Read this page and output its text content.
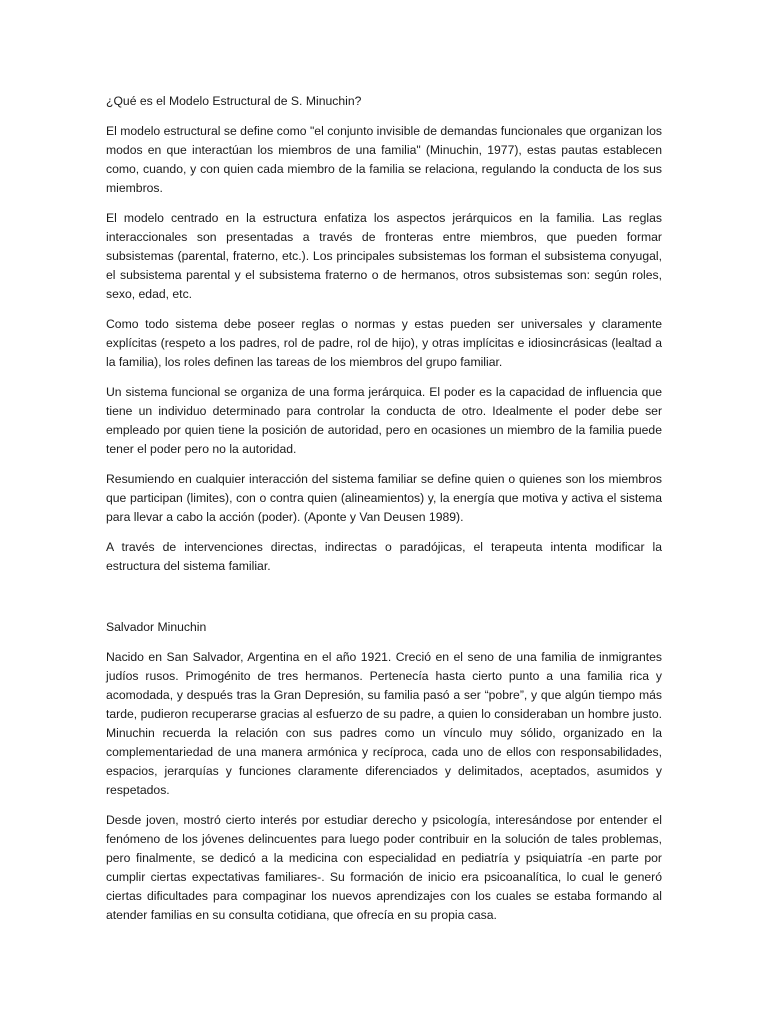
¿Qué es el Modelo Estructural de S. Minuchin?

El modelo estructural se define como "el conjunto invisible de demandas funcionales que organizan los modos en que interactúan los miembros de una familia" (Minuchin, 1977), estas pautas establecen como, cuando, y con quien cada miembro de la familia se relaciona, regulando la conducta de los sus miembros.

El modelo centrado en la estructura enfatiza los aspectos jerárquicos en la familia. Las reglas interaccionales son presentadas a través de fronteras entre miembros, que pueden formar subsistemas (parental, fraterno, etc.). Los principales subsistemas los forman el subsistema conyugal, el subsistema parental y el subsistema fraterno o de hermanos, otros subsistemas son: según roles, sexo, edad, etc.

Como todo sistema debe poseer reglas o normas y estas pueden ser universales y claramente explícitas (respeto a los padres, rol de padre, rol de hijo), y otras implícitas e idiosincrásicas (lealtad a la familia), los roles definen las tareas de los miembros del grupo familiar.

Un sistema funcional se organiza de una forma jerárquica. El poder es la capacidad de influencia que tiene un individuo determinado para controlar la conducta de otro. Idealmente el poder debe ser empleado por quien tiene la posición de autoridad, pero en ocasiones un miembro de la familia puede tener el poder pero no la autoridad.

Resumiendo en cualquier interacción del sistema familiar se define quien o quienes son los miembros que participan (limites), con o contra quien (alineamientos) y, la energía que motiva y activa el sistema para llevar a cabo la acción (poder). (Aponte y Van Deusen 1989).

A través de intervenciones directas, indirectas o paradójicas, el terapeuta intenta modificar la estructura del sistema familiar.

Salvador Minuchin

Nacido en San Salvador, Argentina en el año 1921. Creció en el seno de una familia de inmigrantes judíos rusos. Primogénito de tres hermanos. Pertenecía hasta cierto punto a una familia rica y acomodada, y después tras la Gran Depresión, su familia pasó a ser “pobre”, y que algún tiempo más tarde, pudieron recuperarse gracias al esfuerzo de su padre, a quien lo consideraban un hombre justo. Minuchin recuerda la relación con sus padres como un vínculo muy sólido, organizado en la complementariedad de una manera armónica y recíproca, cada uno de ellos con responsabilidades, espacios, jerarquías y funciones claramente diferenciados y delimitados, aceptados, asumidos y respetados.

Desde joven, mostró cierto interés por estudiar derecho y psicología, interesándose por entender el fenómeno de los jóvenes delincuentes para luego poder contribuir en la solución de tales problemas, pero finalmente, se dedicó a la medicina con especialidad en pediatría y psiquiatría -en parte por cumplir ciertas expectativas familiares-. Su formación de inicio era psicoanalítica, lo cual le generó ciertas dificultades para compaginar los nuevos aprendizajes con los cuales se estaba formando al atender familias en su consulta cotidiana, que ofrecía en su propia casa.
